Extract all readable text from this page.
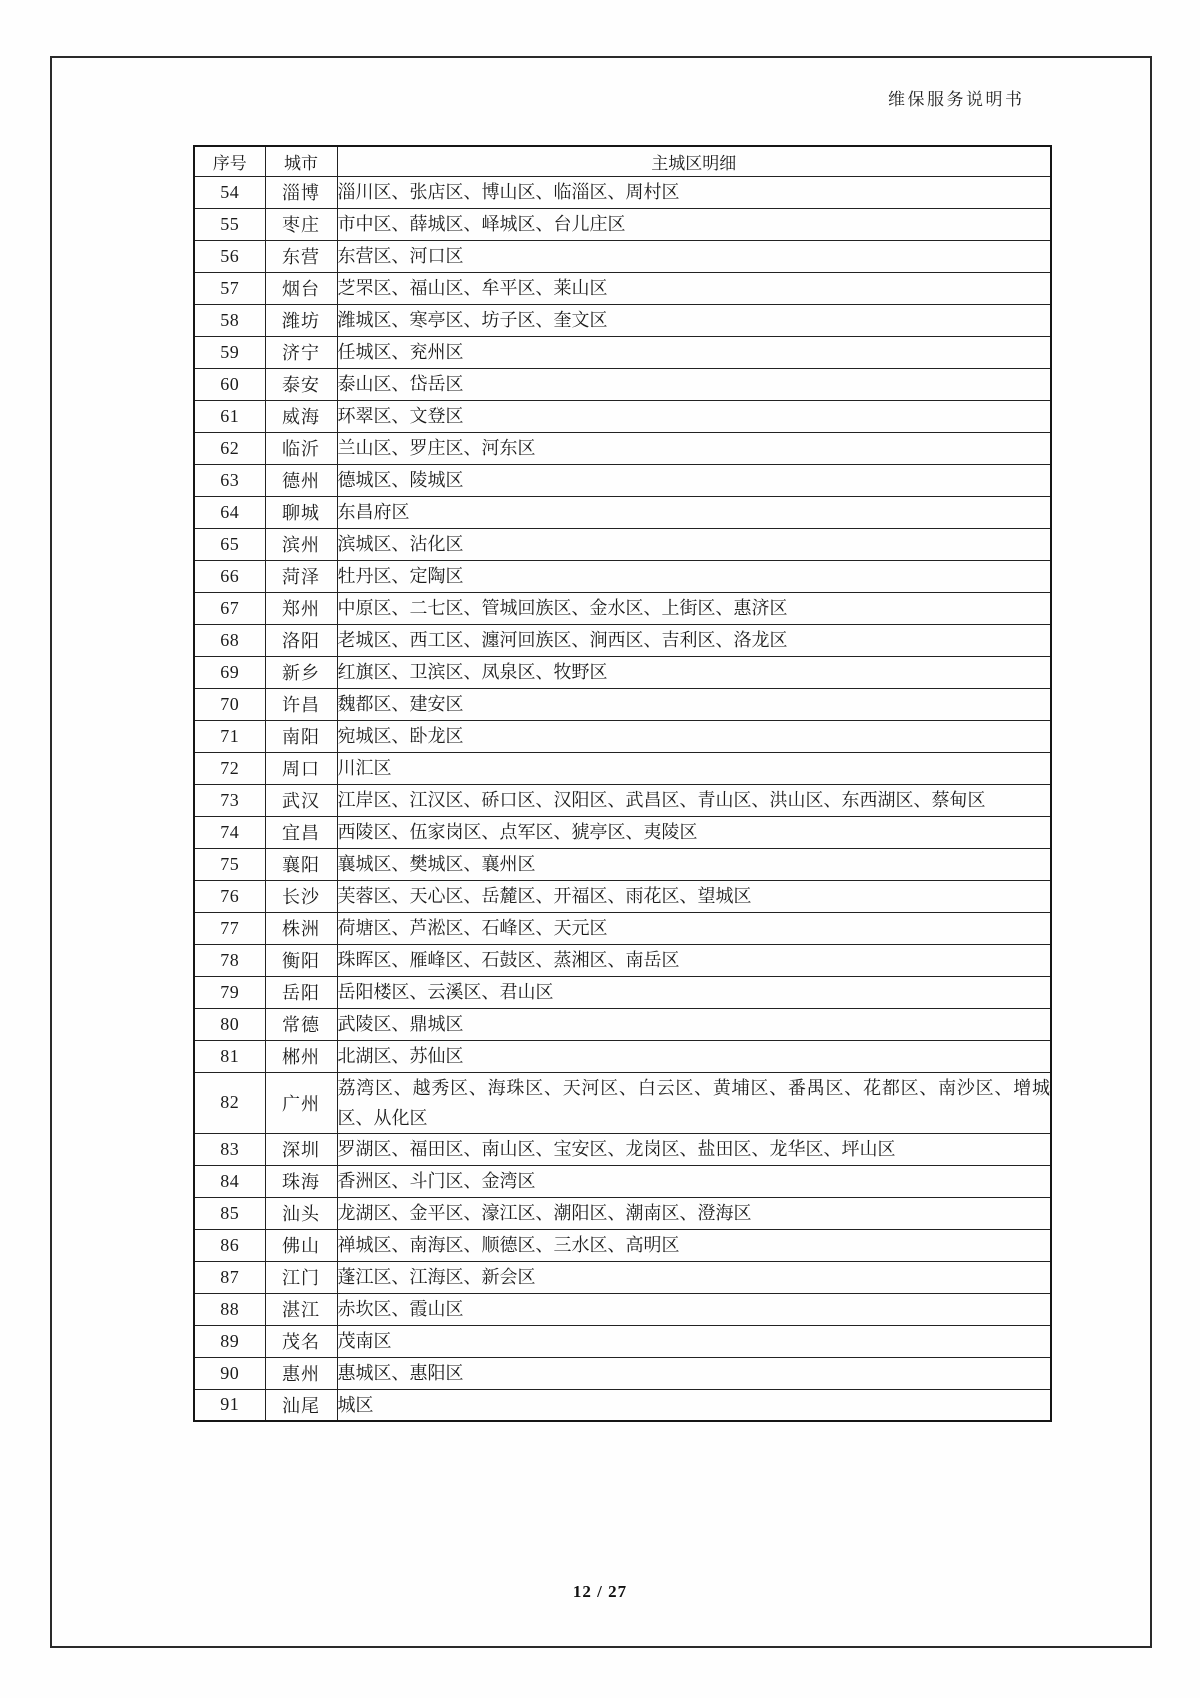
维保服务说明书
序号	城市	主城区明细
54	淄博	淄川区、张店区、博山区、临淄区、周村区
55	枣庄	市中区、薛城区、峄城区、台儿庄区
56	东营	东营区、河口区
57	烟台	芝罘区、福山区、牟平区、莱山区
58	潍坊	潍城区、寒亭区、坊子区、奎文区
59	济宁	任城区、兖州区
60	泰安	泰山区、岱岳区
61	威海	环翠区、文登区
62	临沂	兰山区、罗庄区、河东区
63	德州	德城区、陵城区
64	聊城	东昌府区
65	滨州	滨城区、沾化区
66	菏泽	牡丹区、定陶区
67	郑州	中原区、二七区、管城回族区、金水区、上街区、惠济区
68	洛阳	老城区、西工区、瀍河回族区、涧西区、吉利区、洛龙区
69	新乡	红旗区、卫滨区、凤泉区、牧野区
70	许昌	魏都区、建安区
71	南阳	宛城区、卧龙区
72	周口	川汇区
73	武汉	江岸区、江汉区、硚口区、汉阳区、武昌区、青山区、洪山区、东西湖区、蔡甸区
74	宜昌	西陵区、伍家岗区、点军区、猇亭区、夷陵区
75	襄阳	襄城区、樊城区、襄州区
76	长沙	芙蓉区、天心区、岳麓区、开福区、雨花区、望城区
77	株洲	荷塘区、芦淞区、石峰区、天元区
78	衡阳	珠晖区、雁峰区、石鼓区、蒸湘区、南岳区
79	岳阳	岳阳楼区、云溪区、君山区
80	常德	武陵区、鼎城区
81	郴州	北湖区、苏仙区
82	广州	荔湾区、越秀区、海珠区、天河区、白云区、黄埔区、番禺区、花都区、南沙区、增城区、从化区
83	深圳	罗湖区、福田区、南山区、宝安区、龙岗区、盐田区、龙华区、坪山区
84	珠海	香洲区、斗门区、金湾区
85	汕头	龙湖区、金平区、濠江区、潮阳区、潮南区、澄海区
86	佛山	禅城区、南海区、顺德区、三水区、高明区
87	江门	蓬江区、江海区、新会区
88	湛江	赤坎区、霞山区
89	茂名	茂南区
90	惠州	惠城区、惠阳区
91	汕尾	城区
12 / 27
